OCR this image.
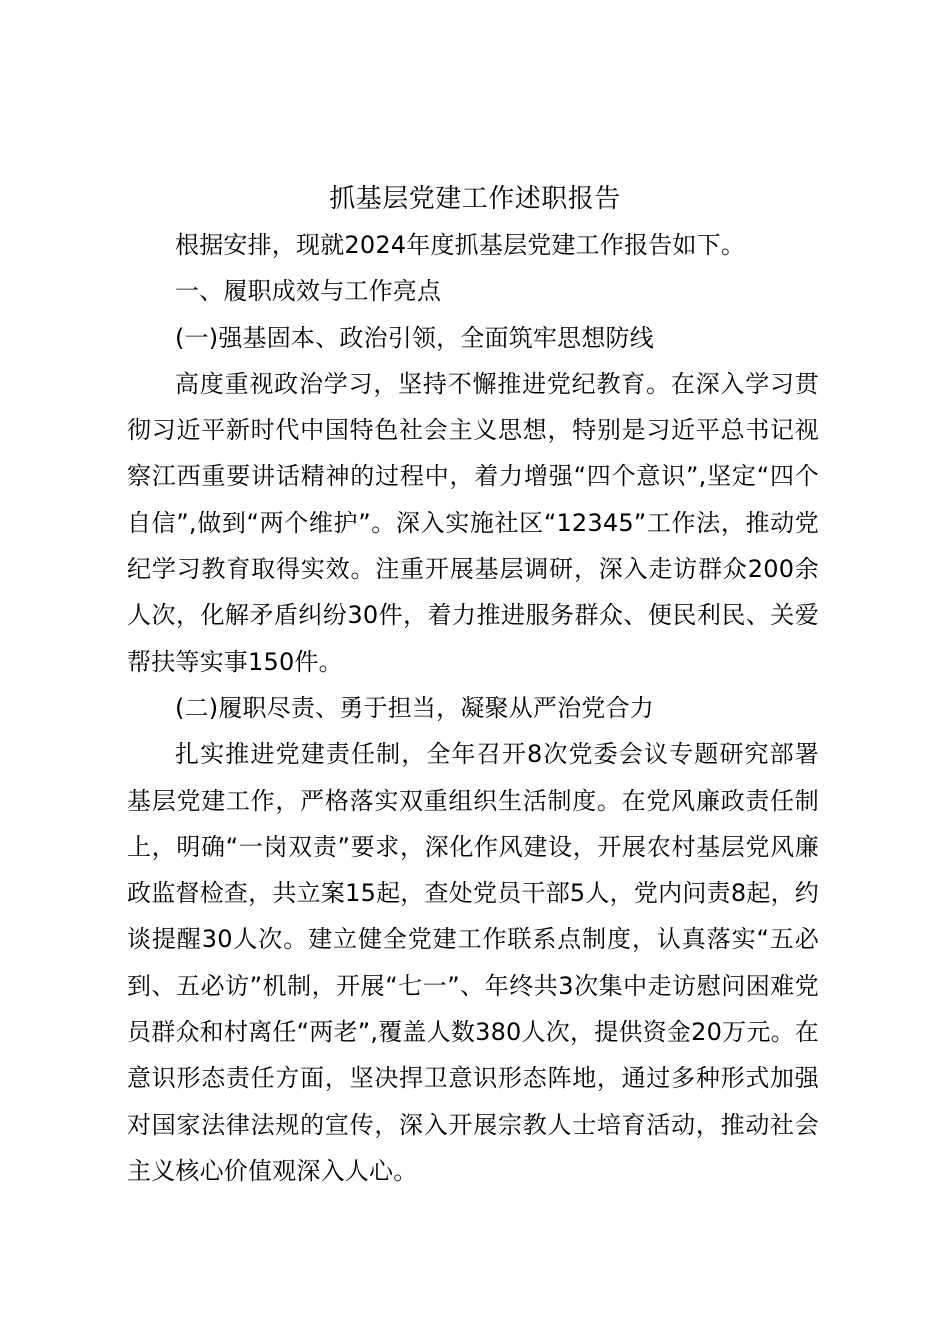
抓基层党建工作述职报告

根据安排，现就2024年度抓基层党建工作报告如下。

一、履职成效与工作亮点

(一)强基固本、政治引领，全面筑牢思想防线

高度重视政治学习，坚持不懈推进党纪教育。在深入学习贯彻习近平新时代中国特色社会主义思想，特别是习近平总书记视察江西重要讲话精神的过程中，着力增强“四个意识”,坚定“四个自信”,做到“两个维护”。深入实施社区“12345”工作法，推动党纪学习教育取得实效。注重开展基层调研，深入走访群众200余人次，化解矛盾纠纷30件，着力推进服务群众、便民利民、关爱帮扶等实事150件。

(二)履职尽责、勇于担当，凝聚从严治党合力

扎实推进党建责任制，全年召开8次党委会议专题研究部署基层党建工作，严格落实双重组织生活制度。在党风廉政责任制上，明确“一岗双责”要求，深化作风建设，开展农村基层党风廉政监督检查，共立案15起，查处党员干部5人，党内问责8起，约谈提醒30人次。建立健全党建工作联系点制度，认真落实“五必到、五必访”机制，开展“七一”、年终共3次集中走访慰问困难党员群众和村离任“两老”,覆盖人数380人次，提供资金20万元。在意识形态责任方面，坚决捍卫意识形态阵地，通过多种形式加强对国家法律法规的宣传，深入开展宗教人士培育活动，推动社会主义核心价值观深入人心。
